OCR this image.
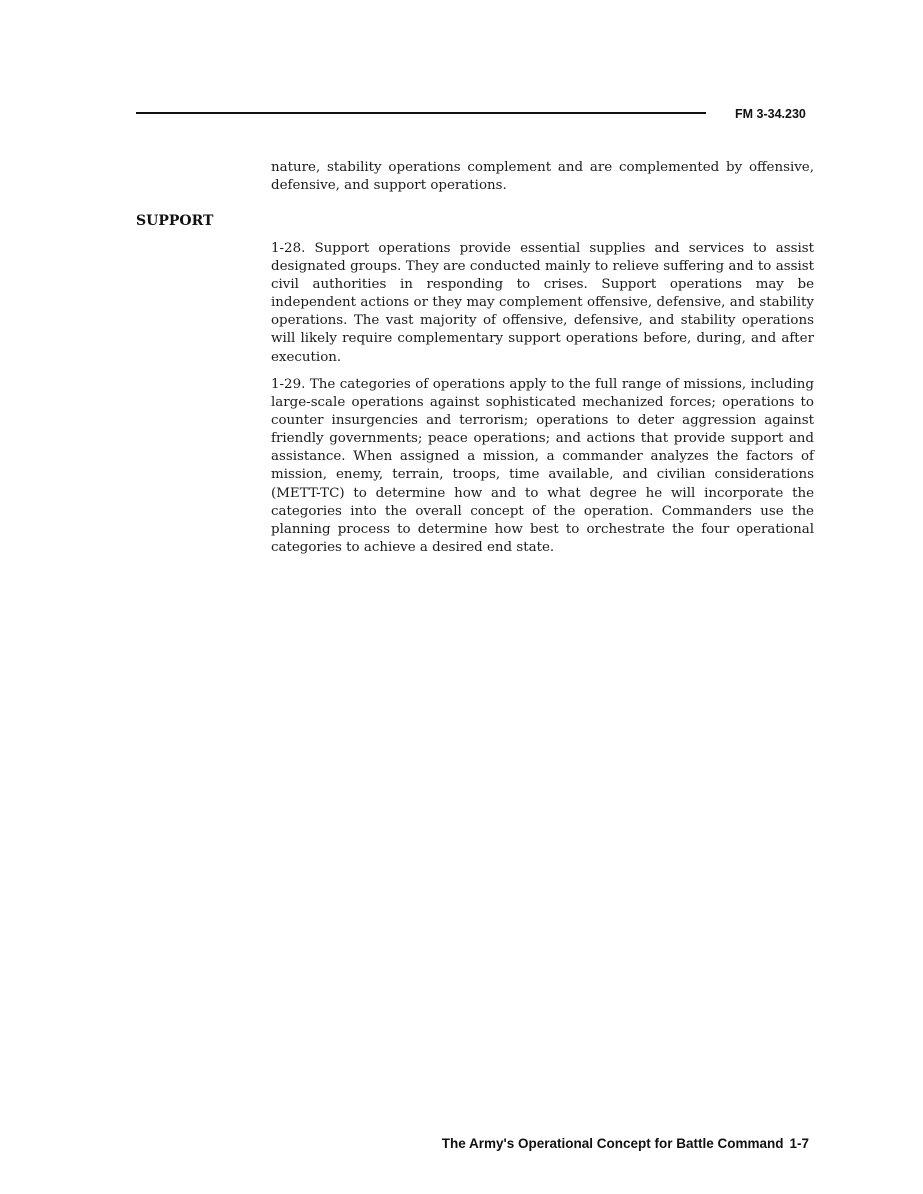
FM 3-34.230

nature, stability operations complement and are complemented by offensive, defensive, and support operations.

SUPPORT

1-28. Support operations provide essential supplies and services to assist designated groups. They are conducted mainly to relieve suffering and to assist civil authorities in responding to crises. Support operations may be independent actions or they may complement offensive, defensive, and stability operations. The vast majority of offensive, defensive, and stability operations will likely require complementary support operations before, during, and after execution.

1-29. The categories of operations apply to the full range of missions, including large-scale operations against sophisticated mechanized forces; operations to counter insurgencies and terrorism; operations to deter aggression against friendly governments; peace operations; and actions that provide support and assistance. When assigned a mission, a commander analyzes the factors of mission, enemy, terrain, troops, time available, and civilian considerations (METT-TC) to determine how and to what degree he will incorporate the categories into the overall concept of the operation. Commanders use the planning process to determine how best to orchestrate the four operational categories to achieve a desired end state.

The Army's Operational Concept for Battle Command 1-7
